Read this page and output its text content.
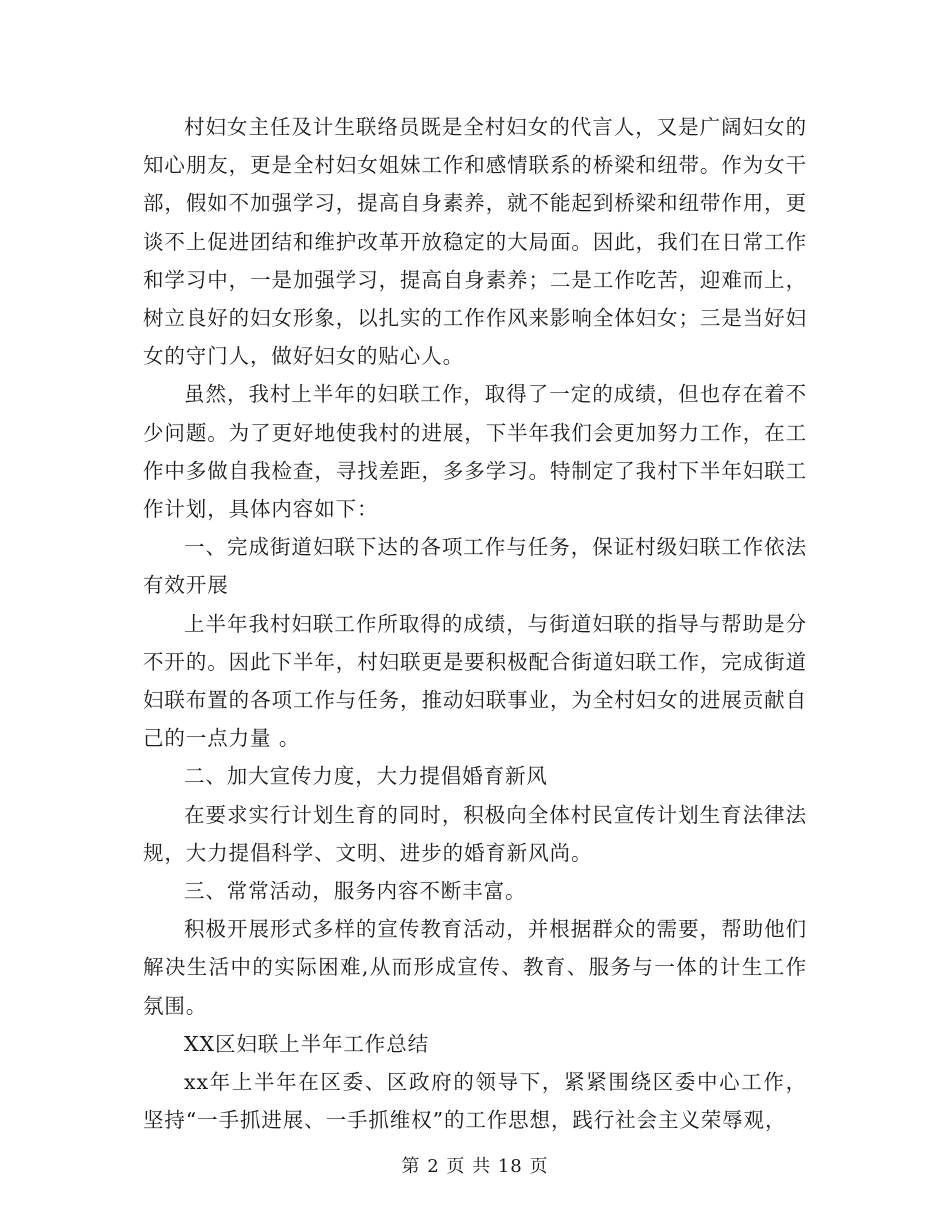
村妇女主任及计生联络员既是全村妇女的代言人，又是广阔妇女的知心朋友，更是全村妇女姐妹工作和感情联系的桥梁和纽带。作为女干部，假如不加强学习，提高自身素养，就不能起到桥梁和纽带作用，更谈不上促进团结和维护改革开放稳定的大局面。因此，我们在日常工作和学习中，一是加强学习，提高自身素养；二是工作吃苦，迎难而上，树立良好的妇女形象，以扎实的工作作风来影响全体妇女；三是当好妇女的守门人，做好妇女的贴心人。

虽然，我村上半年的妇联工作，取得了一定的成绩，但也存在着不少问题。为了更好地使我村的进展，下半年我们会更加努力工作，在工作中多做自我检查，寻找差距，多多学习。特制定了我村下半年妇联工作计划，具体内容如下：

一、完成街道妇联下达的各项工作与任务，保证村级妇联工作依法有效开展

上半年我村妇联工作所取得的成绩，与街道妇联的指导与帮助是分不开的。因此下半年，村妇联更是要积极配合街道妇联工作，完成街道妇联布置的各项工作与任务，推动妇联事业，为全村妇女的进展贡献自己的一点力量 。

二、加大宣传力度，大力提倡婚育新风

在要求实行计划生育的同时，积极向全体村民宣传计划生育法律法规，大力提倡科学、文明、进步的婚育新风尚。

三、常常活动，服务内容不断丰富。

积极开展形式多样的宣传教育活动，并根据群众的需要，帮助他们解决生活中的实际困难,从而形成宣传、教育、服务与一体的计生工作氛围。

XX区妇联上半年工作总结

xx年上半年在区委、区政府的领导下，紧紧围绕区委中心工作，坚持“一手抓进展、一手抓维权”的工作思想，践行社会主义荣辱观，

第 2 页 共 18 页
